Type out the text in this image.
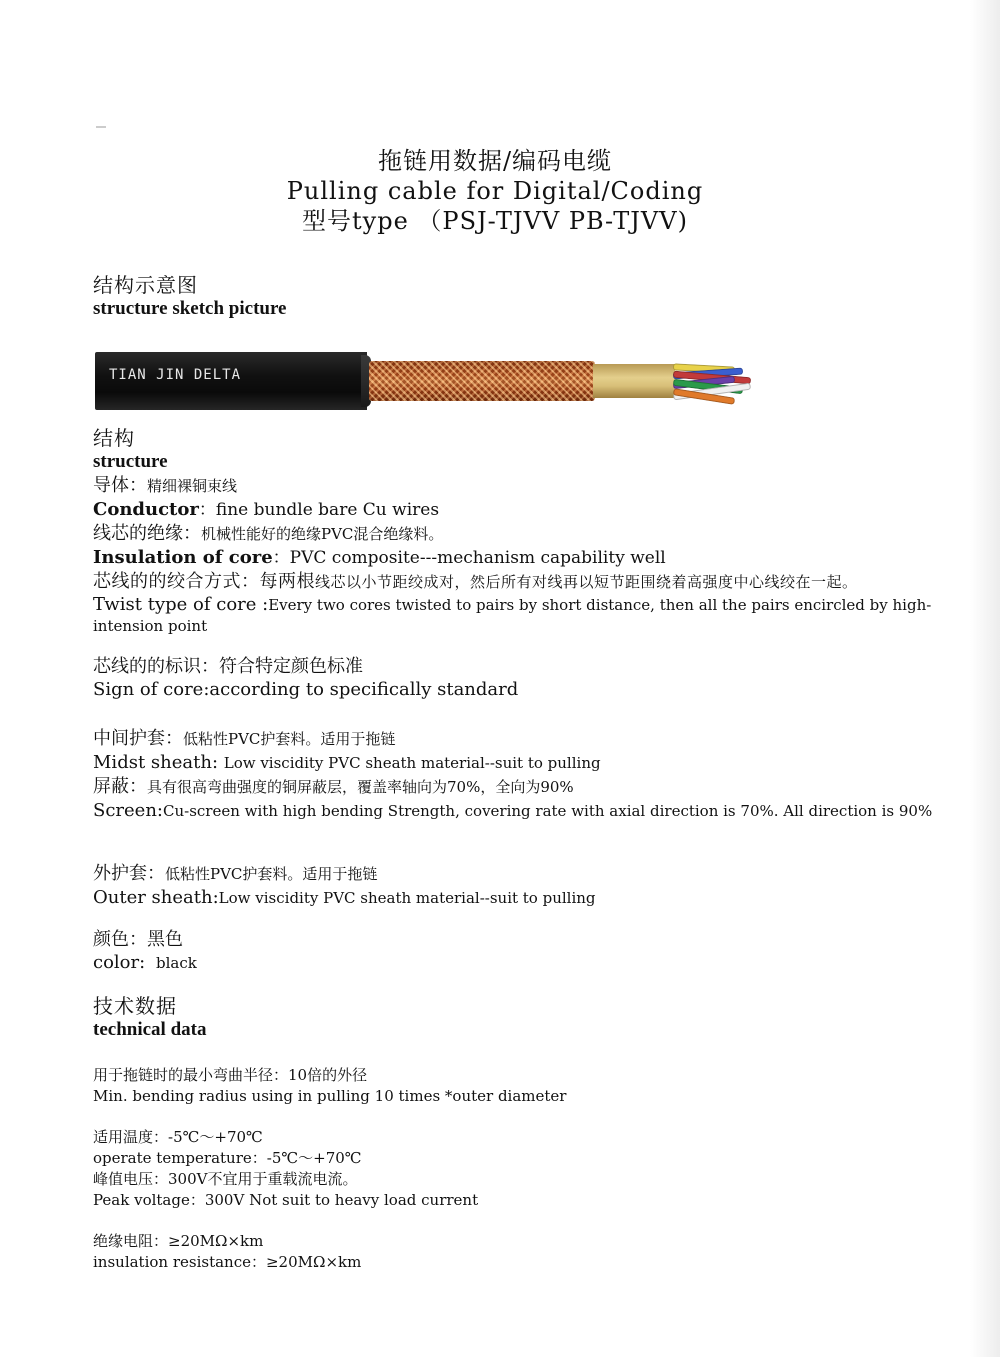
拖链用数据/编码电缆
Pulling cable for Digital/Coding
型号type （PSJ-TJVV PB-TJVV)
结构示意图
structure sketch picture
TIAN JIN DELTA
结构
structure
导体：精细裸铜束线
Conductor：fine bundle bare Cu wires
线芯的绝缘：机械性能好的绝缘PVC混合绝缘料。
Insulation of core：PVC composite---mechanism capability well
芯线的的绞合方式：每两根线芯以小节距绞成对，然后所有对线再以短节距围绕着高强度中心线绞在一起。
Twist type of core :Every two cores twisted to pairs by short distance, then all the pairs encircled by high-intension point
芯线的的标识：符合特定颜色标准
Sign of core:according to specifically standard
中间护套：低粘性PVC护套料。适用于拖链
Midst sheath: Low viscidity PVC sheath material--suit to pulling
屏蔽：具有很高弯曲强度的铜屏蔽层，覆盖率轴向为70%，全向为90%
Screen:Cu-screen with high bending Strength, covering rate with axial direction is 70%. All direction is 90%
外护套：低粘性PVC护套料。适用于拖链
Outer sheath:Low viscidity PVC sheath material--suit to pulling
颜色：黑色
color: black
技术数据
technical data
用于拖链时的最小弯曲半径：10倍的外径
Min. bending radius using in pulling 10 times *outer diameter
适用温度：-5℃～+70℃
operate temperature：-5℃～+70℃
峰值电压：300V不宜用于重载流电流。
Peak voltage：300V Not suit to heavy load current
绝缘电阻：≥20MΩ×km
insulation resistance：≥20MΩ×km
